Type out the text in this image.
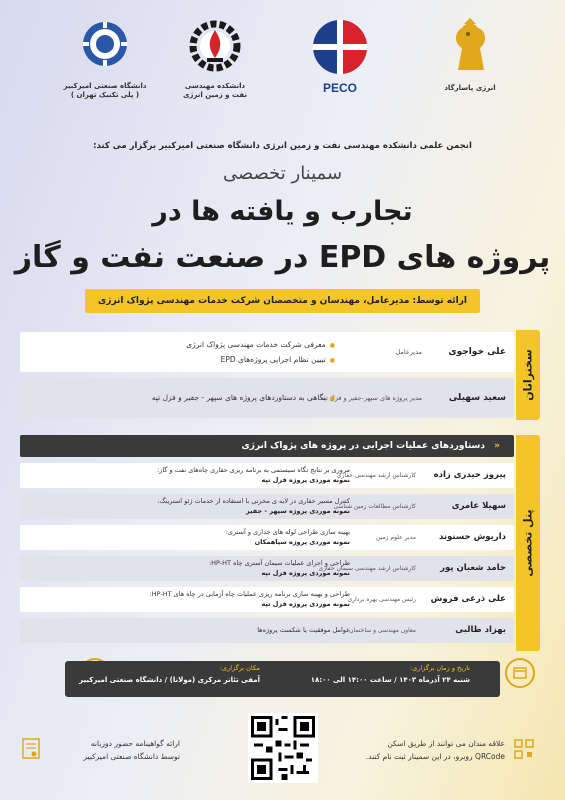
دانشگاه صنعتی امیرکبیر
( پلی تکنیک تهران )
دانشکده مهندسی
نفت و زمین انرژی	PECO	انرژی پاسارگاد
انجمن علمی دانشکده مهندسی نفت و زمین انرژی دانشگاه صنعتی امیرکبیر برگزار می کند:
سمینار تخصصی
تجارب و یافته ها در
پروژه های EPD در صنعت نفت و گاز
ارائه توسط: مدیرعامل، مهندسان و متخصصان شرکت خدمات مهندسی پژواک انرژی
سخنرانان
علی خواجوی
مدیرعامل
● معرفی شرکت خدمات مهندسی پژواک انرژی
● تبیین نظام اجرایی پروژه‌های EPD
سعید سهیلی
مدیر پروژه های سپهر-جفیر و فزل تپه
● نگاهی به دستاوردهای پروژه های سپهر - جفیر و فزل تپه
پنل تخصصی
« دستاوردهای عملیات اجرایی در پروژه های پژواک انرژی
پیروز حیدری زاده
کارشناس ارشد مهندسی حفاری
مروری بر نتایج نگاه سیستمی به برنامه ریزی حفاری چاه‌های نفت و گاز:
نمونه موردی پروژه فزل تپه
سهیلا عامری
کارشناس مطالعات زمین شناسی
کنترل مسیر حفاری در لایه ی مخزنی با استفاده از خدمات ژئو استرینگ،
نمونه موردی پروژه سپهر - جفیر
داریوش حسنوند
مدیر علوم زمین
بهینه سازی طراحی لوله های جداری و آستری:
نمونه موردی پروژه سپاهمکان
حامد شعبان پور
کارشناس ارشد مهندسی سیمان حفاری
طراحی و اجرای عملیات سیمان آستری چاه HP-HT:
نمونه موردی پروژه فزل تپه
علی ذرعی فروش
رئیس مهندسی بهره برداری
طراحی و بهینه سازی برنامه ریزی عملیات چاه آزمایی در چاه های HP-HT:
نمونه موردی پروژه فزل تپه
بهزاد طالبی
معاون مهندسی و ساختمان
عوامل موفقیت یا شکست پروژه‌ها
تاریخ و زمان برگزاری:
شنبه ۲۴ آذرماه ۱۴۰۳ / ساعت ۱۴:۰۰ الی ۱۸:۰۰
مکان برگزاری:
آمفی تئاتر مرکزی (مولانا) / دانشگاه صنعتی امیرکبیر
علاقه مندان می توانند از طریق اسکن
QRCode روبرو، در این سمینار ثبت نام کنند.
ارائه گواهینامه حضور دوزبانه
توسط دانشگاه صنعتی امیرکبیر
